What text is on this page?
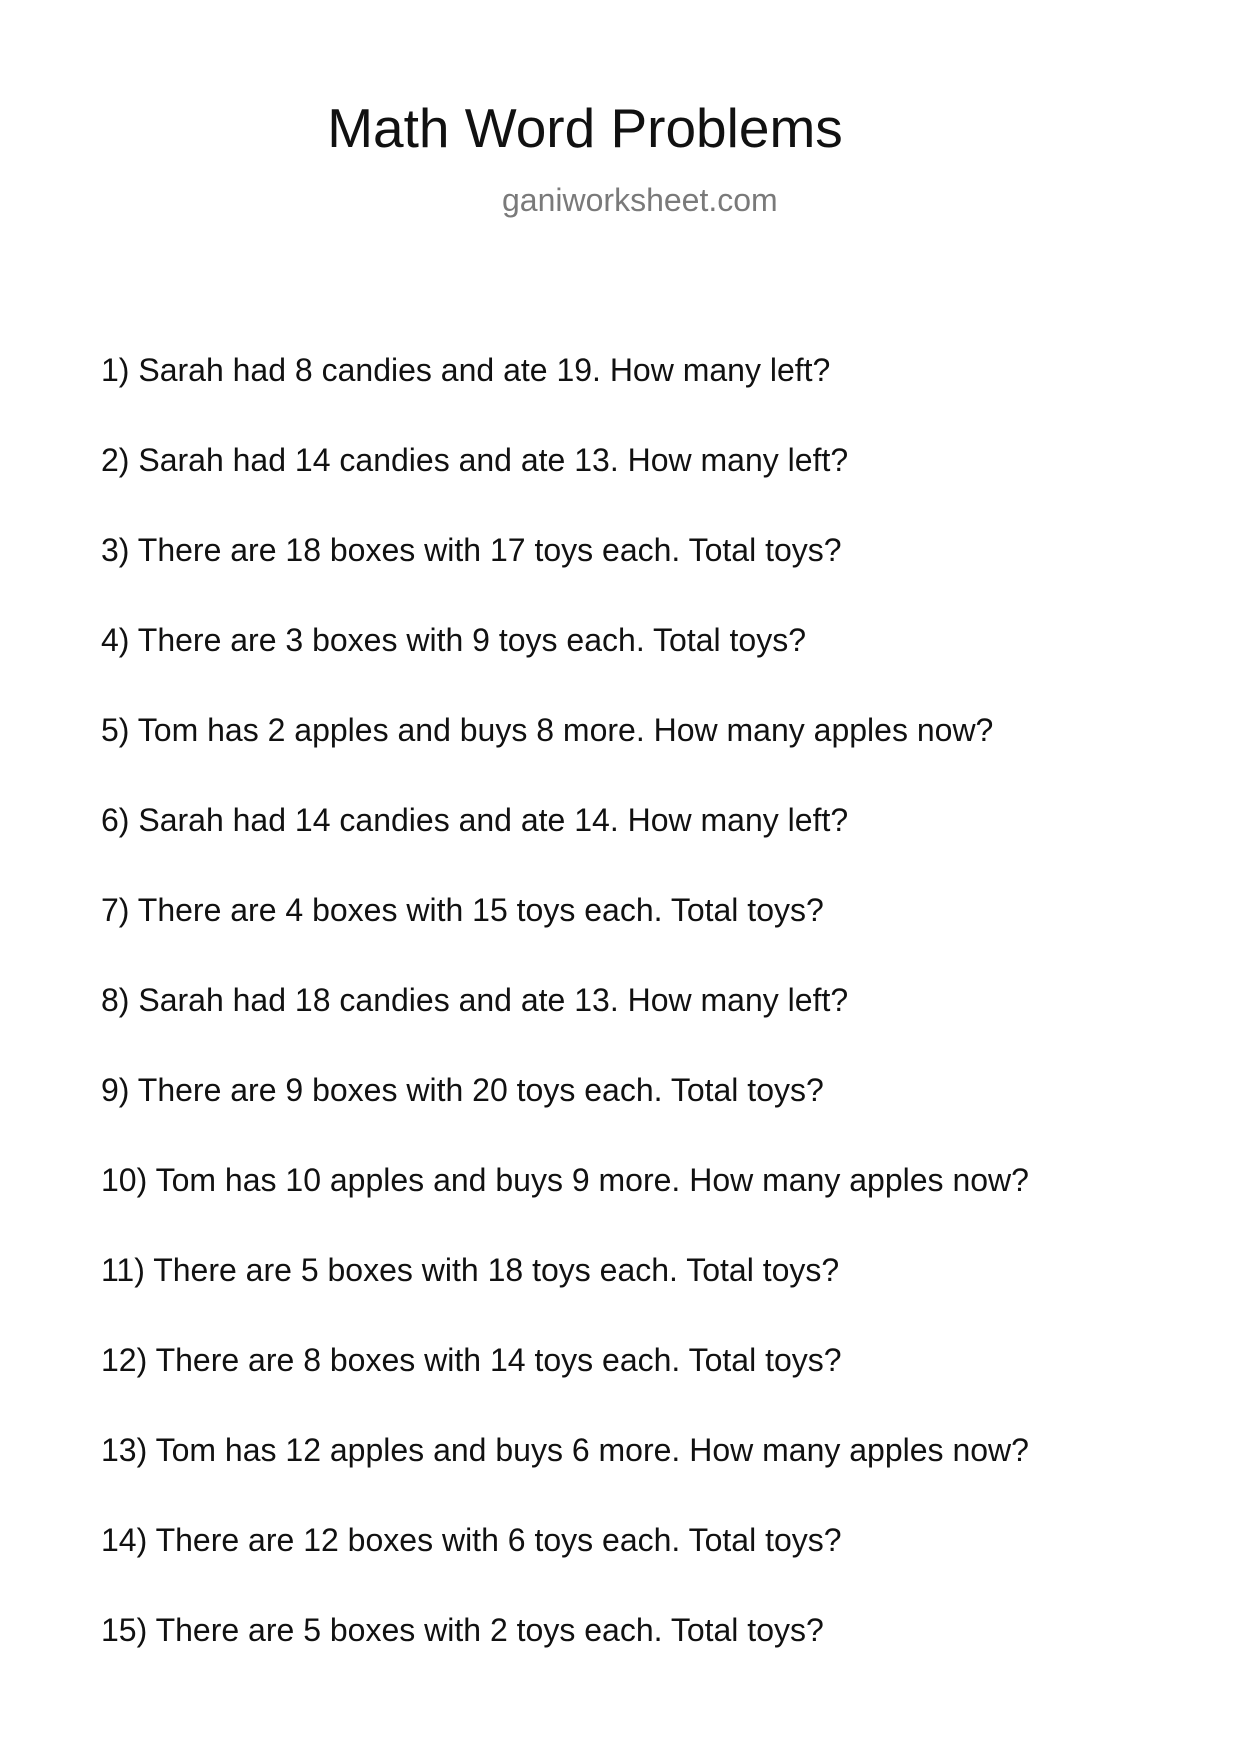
Math Word Problems
ganiworksheet.com
1) Sarah had 8 candies and ate 19. How many left?
2) Sarah had 14 candies and ate 13. How many left?
3) There are 18 boxes with 17 toys each. Total toys?
4) There are 3 boxes with 9 toys each. Total toys?
5) Tom has 2 apples and buys 8 more. How many apples now?
6) Sarah had 14 candies and ate 14. How many left?
7) There are 4 boxes with 15 toys each. Total toys?
8) Sarah had 18 candies and ate 13. How many left?
9) There are 9 boxes with 20 toys each. Total toys?
10) Tom has 10 apples and buys 9 more. How many apples now?
11) There are 5 boxes with 18 toys each. Total toys?
12) There are 8 boxes with 14 toys each. Total toys?
13) Tom has 12 apples and buys 6 more. How many apples now?
14) There are 12 boxes with 6 toys each. Total toys?
15) There are 5 boxes with 2 toys each. Total toys?
